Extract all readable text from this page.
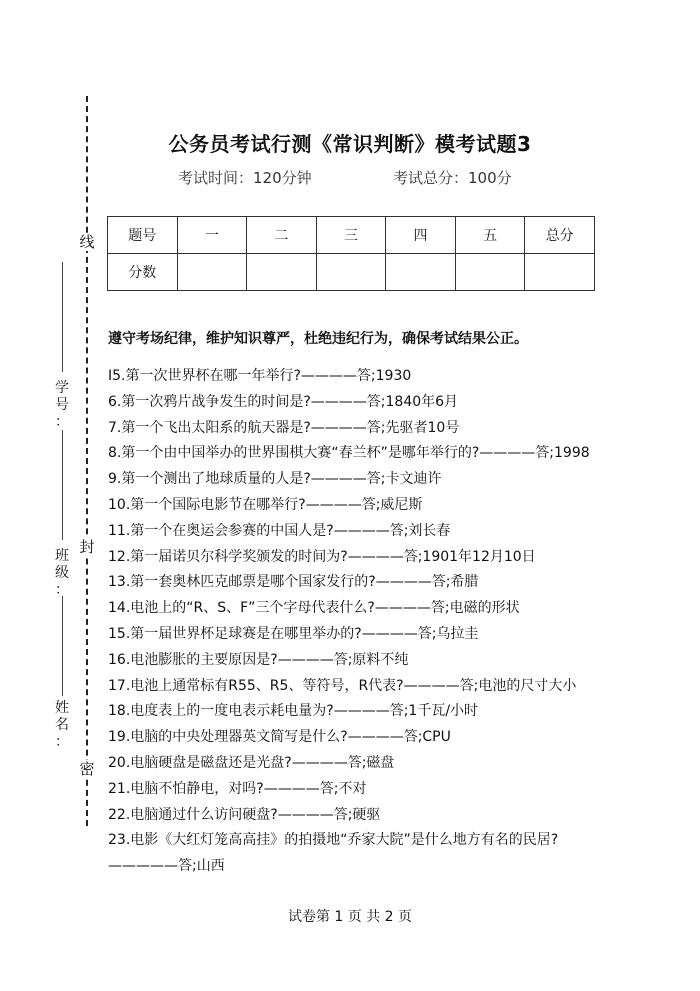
线
封
密
学
号
：
班
级
：
姓
名
：
公务员考试行测《常识判断》模考试题3
考试时间：120分钟	考试总分：100分
题号	一	二	三	四	五	总分
分数						
遵守考场纪律，维护知识尊严，杜绝违纪行为，确保考试结果公正。
I5.第一次世界杯在哪一年举行?————答;1930
6.第一次鸦片战争发生的时间是?————答;1840年6月
7.第一个飞出太阳系的航天器是?————答;先驱者10号
8.第一个由中国举办的世界围棋大赛“春兰杯”是哪年举行的?————答;1998
9.第一个测出了地球质量的人是?————答;卡文迪许
10.第一个国际电影节在哪举行?————答;威尼斯
11.第一个在奥运会参赛的中国人是?————答;刘长春
12.第一届诺贝尔科学奖颁发的时间为?————答;1901年12月10日
13.第一套奥林匹克邮票是哪个国家发行的?————答;希腊
14.电池上的“R、S、F”三个字母代表什么?————答;电磁的形状
15.第一届世界杯足球赛是在哪里举办的?————答;乌拉圭
16.电池膨胀的主要原因是?————答;原料不纯
17.电池上通常标有R55、R5、等符号，R代表?————答;电池的尺寸大小
18.电度表上的一度电表示耗电量为?————答;1千瓦/小时
19.电脑的中央处理器英文简写是什么?————答;CPU
20.电脑硬盘是磁盘还是光盘?————答;磁盘
21.电脑不怕静电，对吗?————答;不对
22.电脑通过什么访问硬盘?————答;硬驱
23.电影《大红灯笼高高挂》的拍摄地“乔家大院”是什么地方有名的民居?—————答;山西
试卷第 1 页 共 2 页
